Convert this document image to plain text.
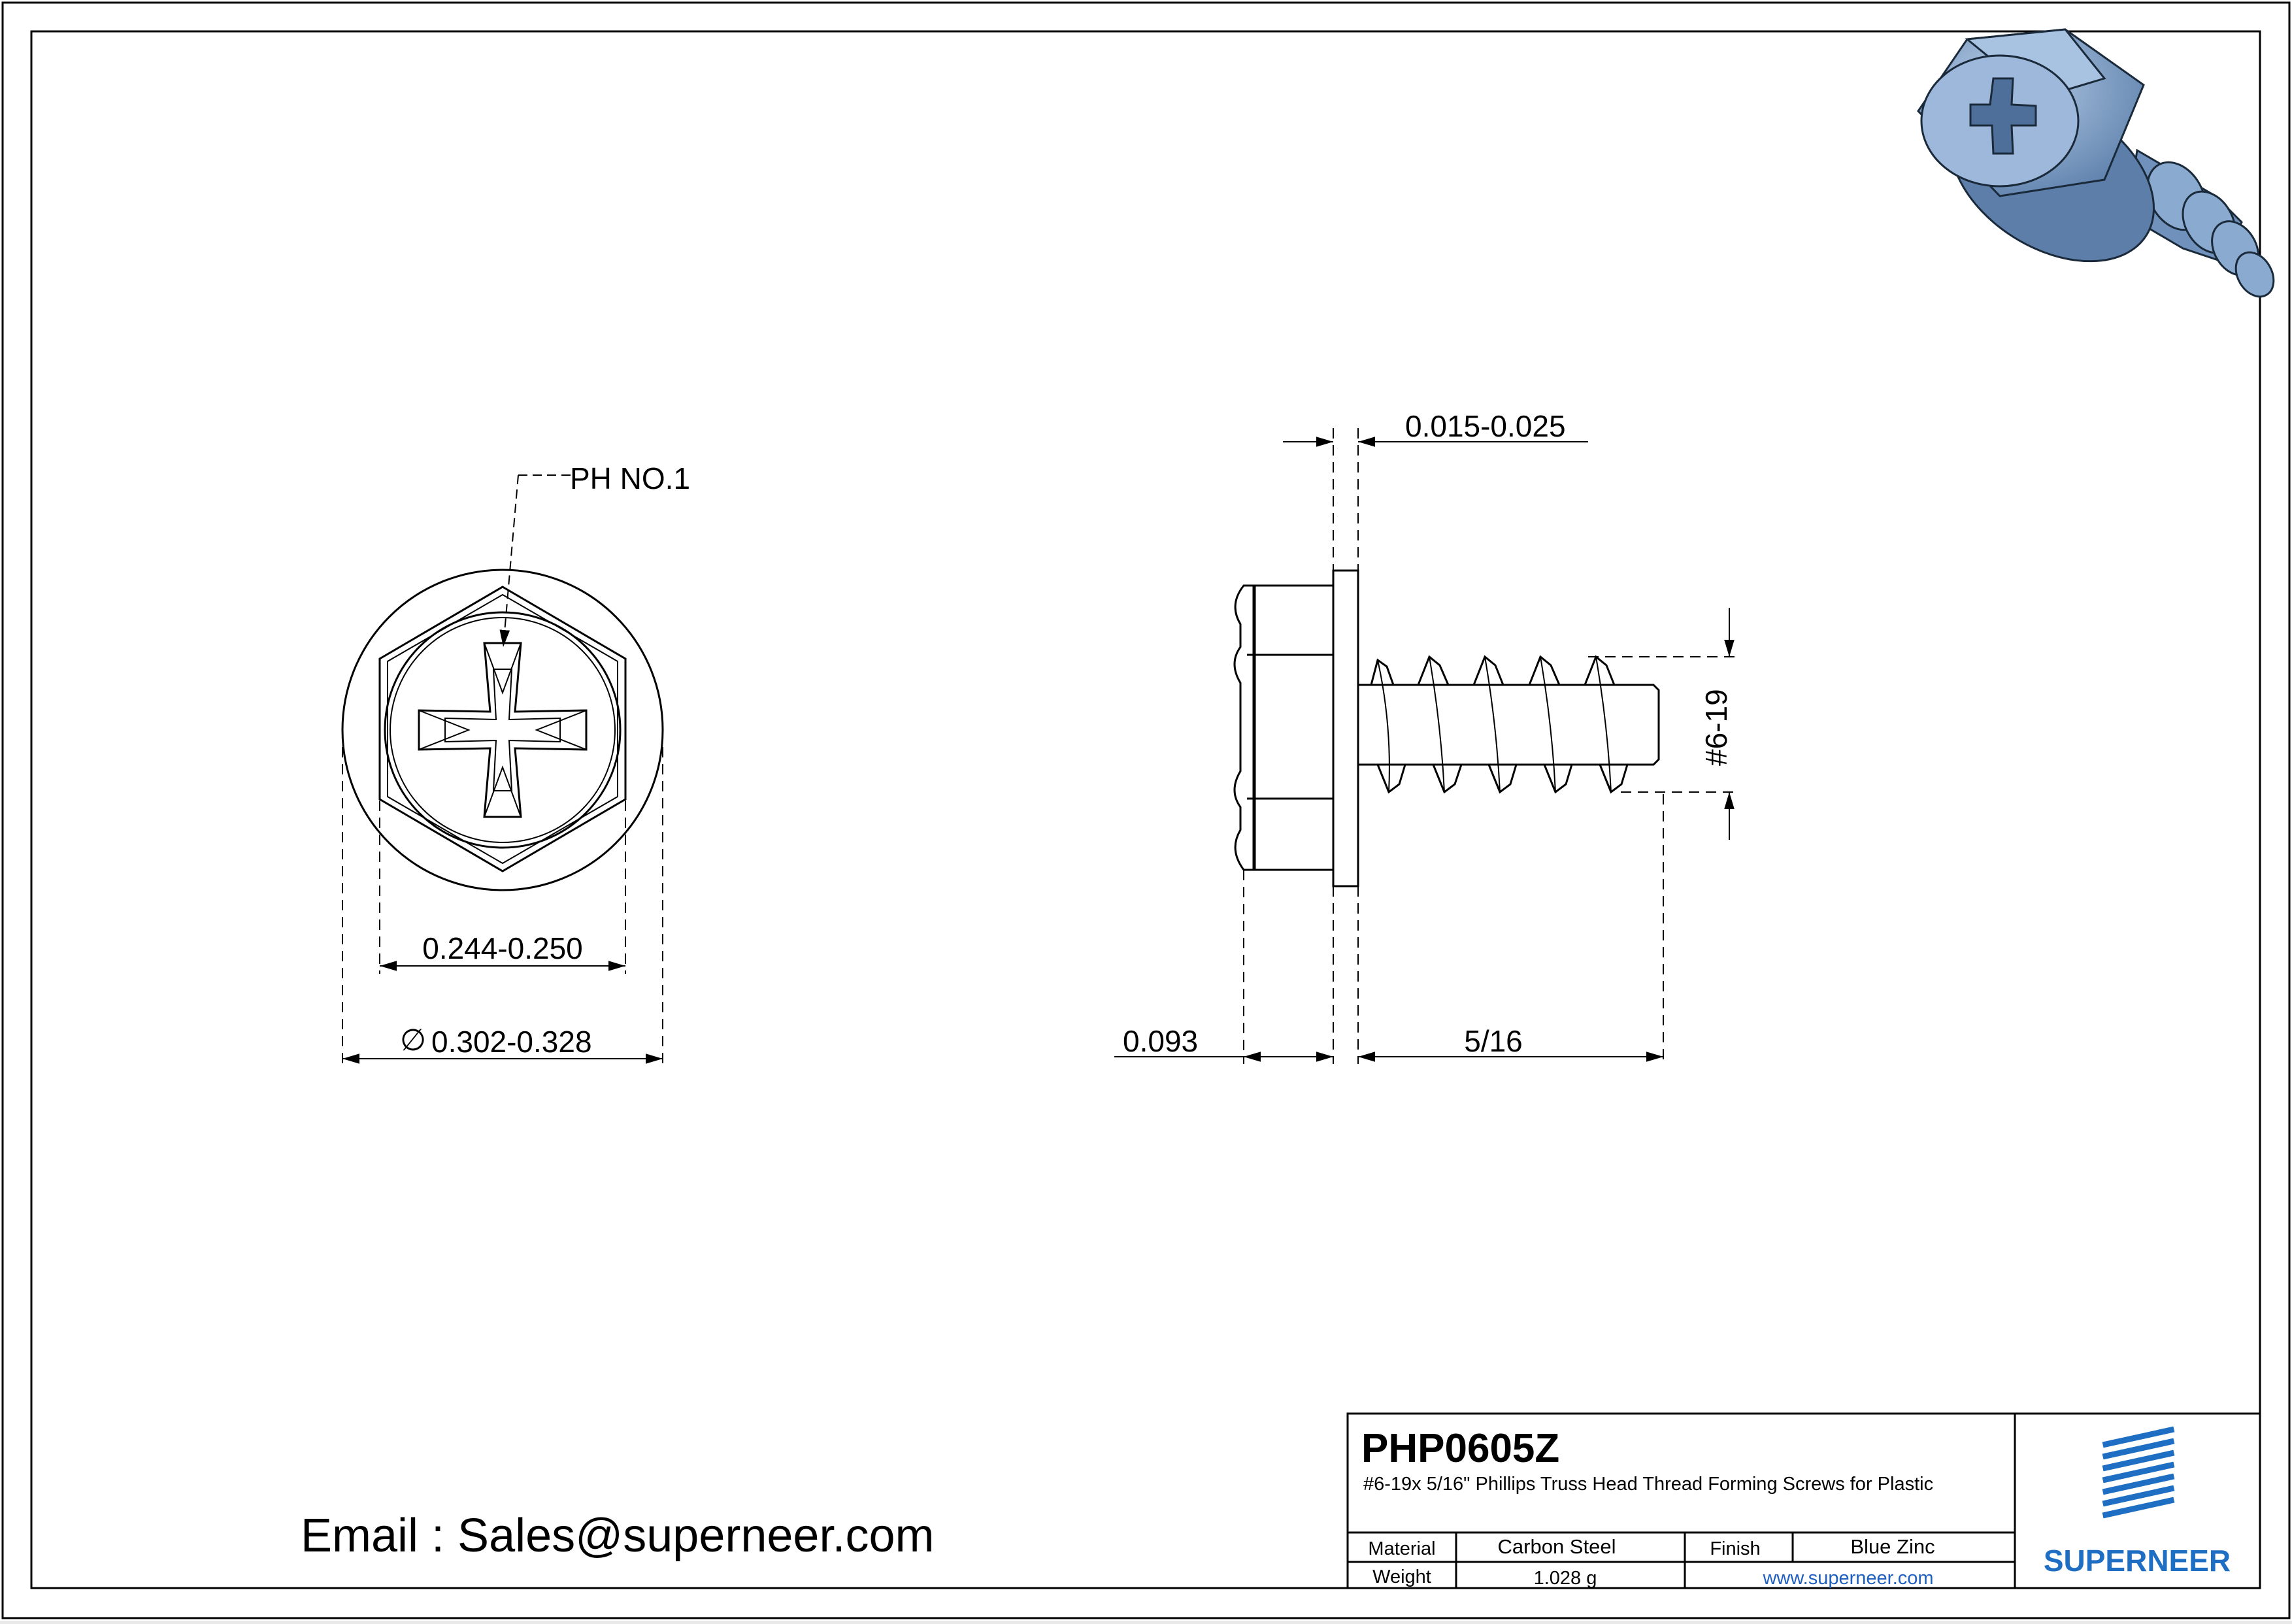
PH NO.1
0.244-0.250
∅ 0.302-0.328
0.015-0.025
#6-19
0.093	5/16
Email : Sales@superneer.com
PHP0605Z
#6-19x 5/16" Phillips Truss Head Thread Forming Screws for Plastic
Material	Carbon Steel	Finish	Blue Zinc
Weight	1.028 g	www.superneer.com
SUPERNEER
